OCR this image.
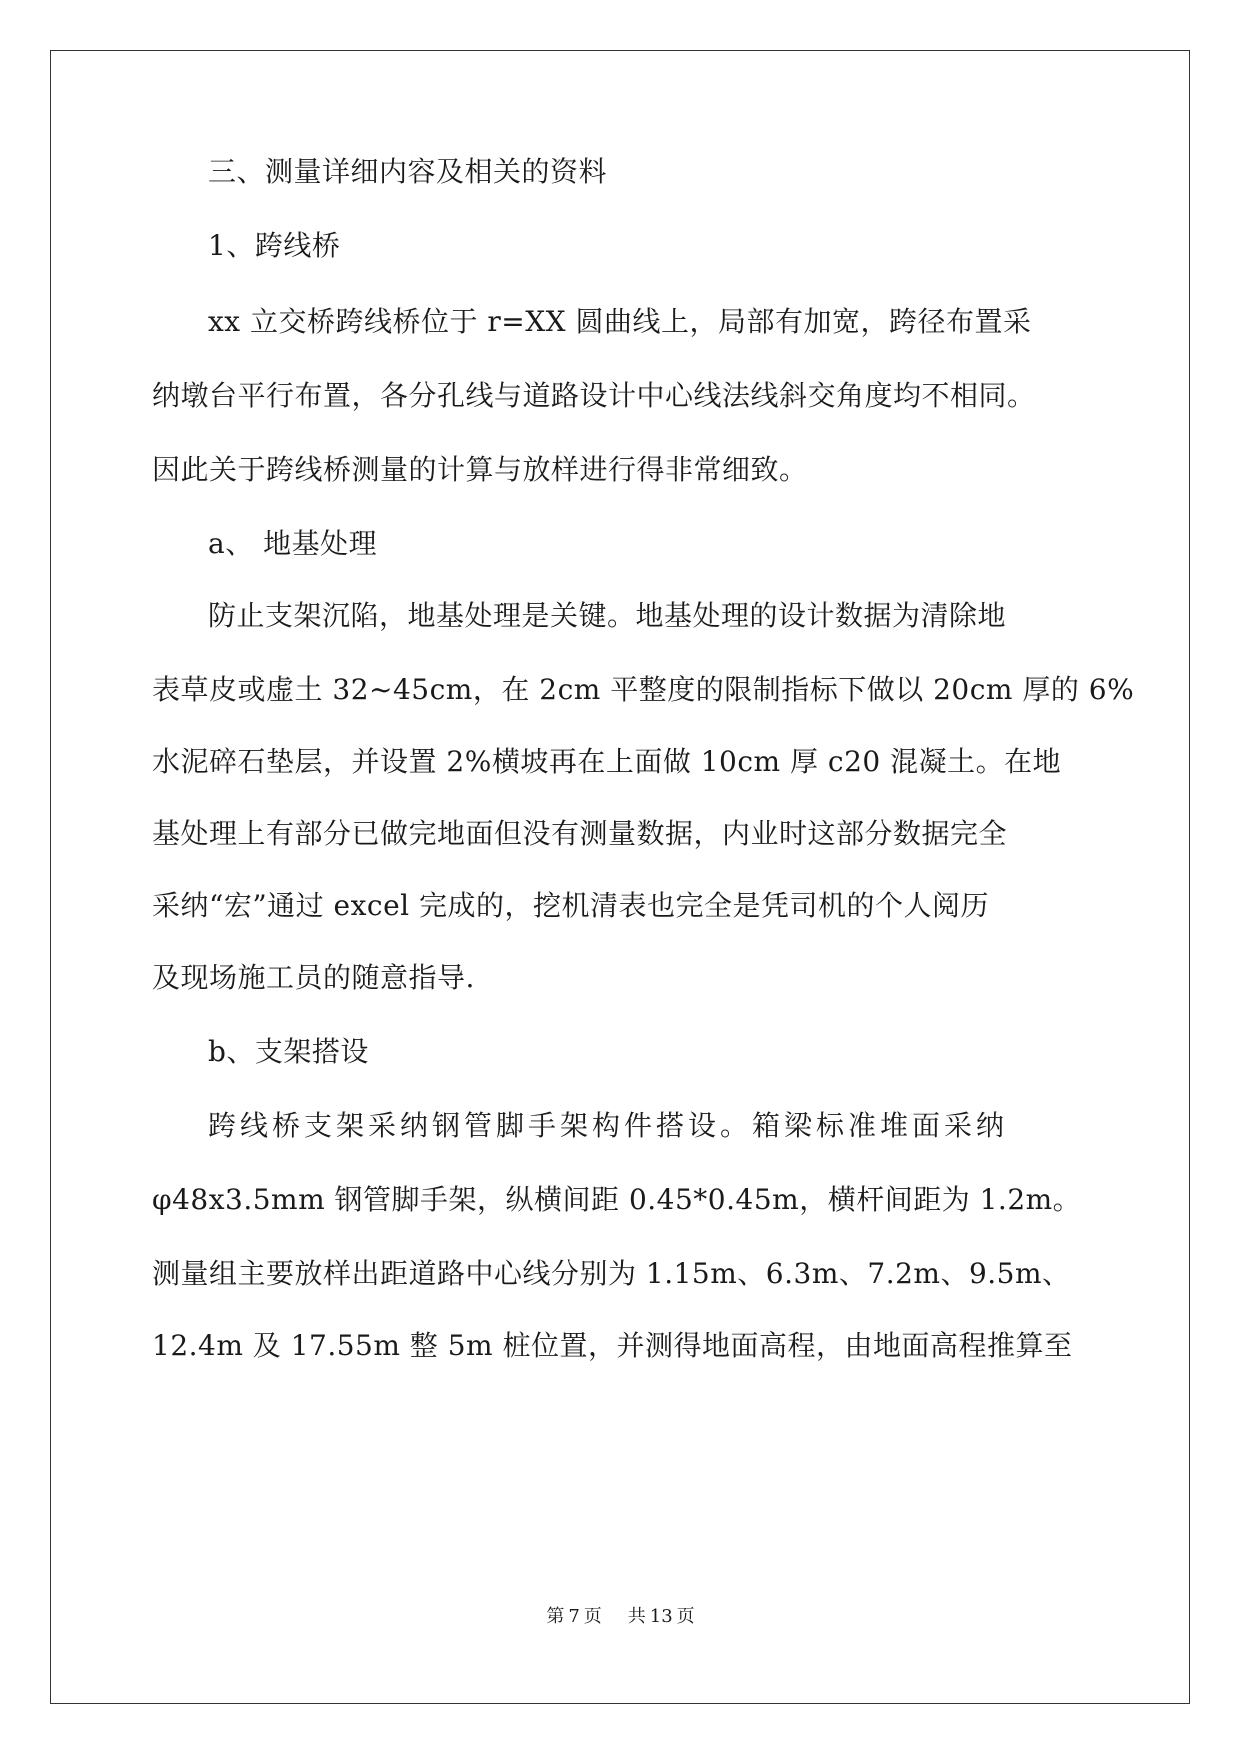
三、测量详细内容及相关的资料
1、跨线桥
xx 立交桥跨线桥位于 r=XX 圆曲线上，局部有加宽，跨径布置采
纳墩台平行布置，各分孔线与道路设计中心线法线斜交角度均不相同。
因此关于跨线桥测量的计算与放样进行得非常细致。
a、 地基处理
防止支架沉陷，地基处理是关键。地基处理的设计数据为清除地
表草皮或虚土 32~45cm，在 2cm 平整度的限制指标下做以 20cm 厚的 6%
水泥碎石垫层，并设置 2%横坡再在上面做 10cm 厚 c20 混凝土。在地
基处理上有部分已做完地面但没有测量数据，内业时这部分数据完全
采纳“宏”通过 excel 完成的，挖机清表也完全是凭司机的个人阅历
及现场施工员的随意指导.
b、支架搭设
跨线桥支架采纳钢管脚手架构件搭设。箱梁标准堆面采纳
φ48x3.5mm 钢管脚手架，纵横间距 0.45*0.45m，横杆间距为 1.2m。
测量组主要放样出距道路中心线分别为 1.15m、6.3m、7.2m、9.5m、
12.4m 及 17.55m 整 5m 桩位置，并测得地面高程，由地面高程推算至
第 7 页 共 13 页
